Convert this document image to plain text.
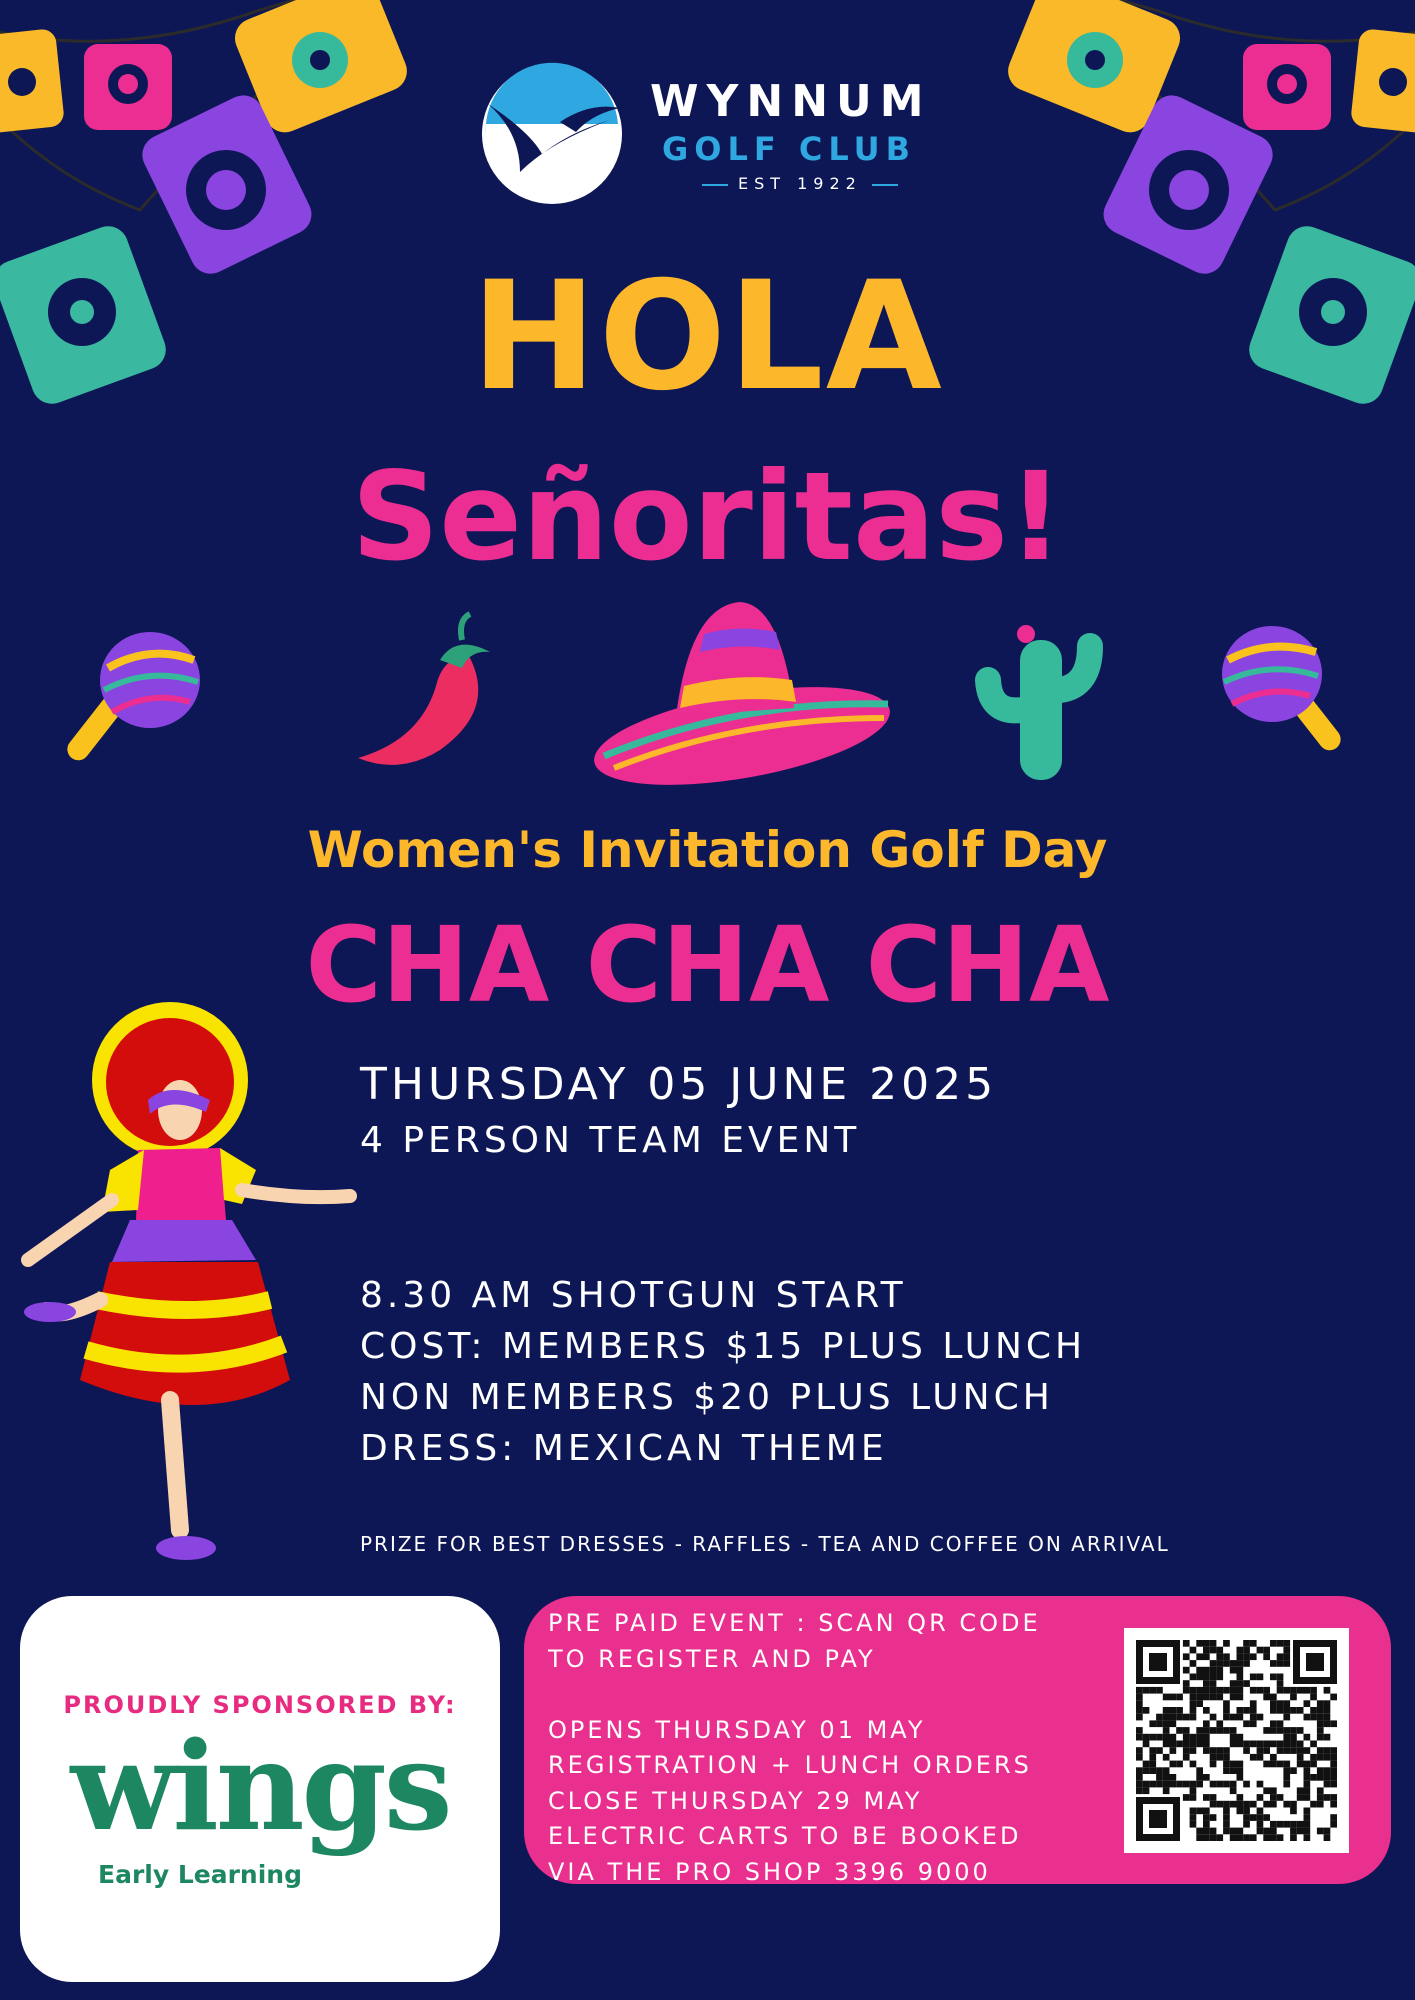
WYNNUM
GOLF CLUB
EST 1922
HOLA
Señoritas!
Women's Invitation Golf Day
CHA CHA CHA
THURSDAY 05 JUNE 2025
4 PERSON TEAM EVENT
8.30 AM SHOTGUN START
COST: MEMBERS $15 PLUS LUNCH
NON MEMBERS $20 PLUS LUNCH
DRESS: MEXICAN THEME
PRIZE FOR BEST DRESSES - RAFFLES - TEA AND COFFEE ON ARRIVAL
PROUDLY SPONSORED BY:
wings
Early Learning
PRE PAID EVENT : SCAN QR CODE
TO REGISTER AND PAY
OPENS THURSDAY 01 MAY
REGISTRATION + LUNCH ORDERS
CLOSE THURSDAY 29 MAY
ELECTRIC CARTS TO BE BOOKED
VIA THE PRO SHOP 3396 9000
